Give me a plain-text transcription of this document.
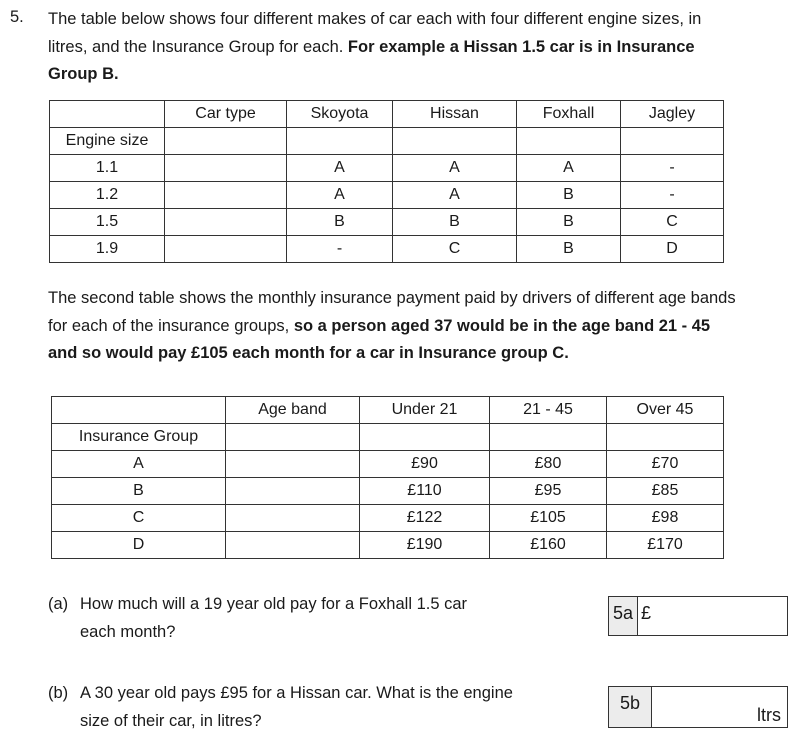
5. The table below shows four different makes of car each with four different engine sizes, in
litres, and the Insurance Group for each. For example a Hissan 1.5 car is in Insurance
Group B.
	Car type	Skoyota	Hissan	Foxhall	Jagley
Engine size					
1.1		A	A	A	-
1.2		A	A	B	-
1.5		B	B	B	C
1.9		-	C	B	D
The second table shows the monthly insurance payment paid by drivers of different age bands
for each of the insurance groups, so a person aged 37 would be in the age band 21 - 45
and so would pay £105 each month for a car in Insurance group C.
	Age band	Under 21	21 - 45	Over 45
Insurance Group				
A		£90	£80	£70
B		£110	£95	£85
C		£122	£105	£98
D		£190	£160	£170
(a) How much will a 19 year old pay for a Foxhall 1.5 car
each month?
5a £
(b) A 30 year old pays £95 for a Hissan car. What is the engine
size of their car, in litres?
5b
ltrs
